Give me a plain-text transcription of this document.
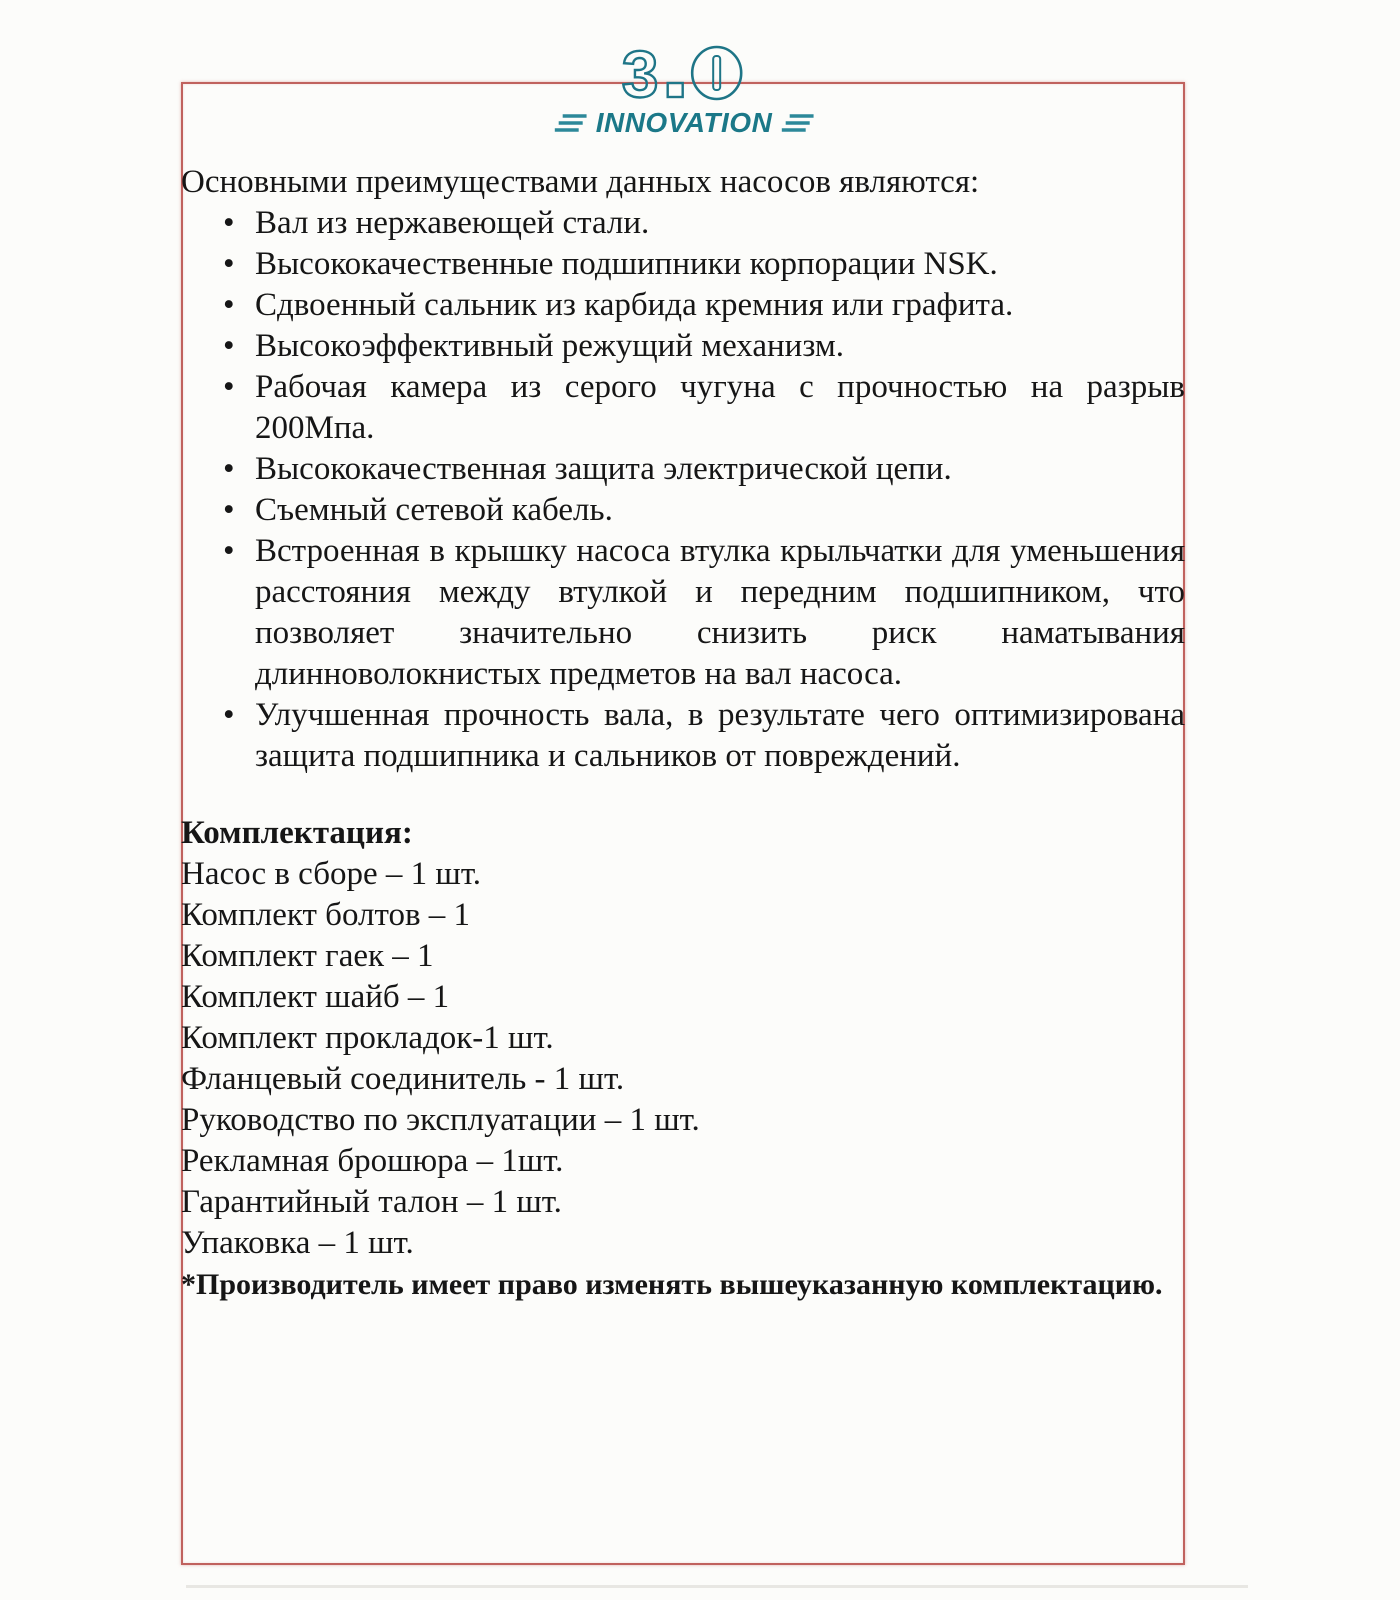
3
INNOVATION

Основными преимуществами данных насосов являются:

• Вал из нержавеющей стали.
• Высококачественные подшипники корпорации NSK.
• Сдвоенный сальник из карбида кремния или графита.
• Высокоэффективный режущий механизм.
• Рабочая камера из серого чугуна с прочностью на разрыв 200Мпа.
• Высококачественная защита электрической цепи.
• Съемный сетевой кабель.
• Встроенная в крышку насоса втулка крыльчатки для уменьшения расстояния между втулкой и передним подшипником, что позволяет значительно снизить риск наматывания длинноволокнистых предметов на вал насоса.
• Улучшенная прочность вала, в результате чего оптимизирована защита подшипника и сальников от повреждений.
Комплектация:
Насос в сборе – 1 шт.
Комплект болтов – 1
Комплект гаек – 1
Комплект шайб – 1
Комплект прокладок-1 шт.
Фланцевый соединитель - 1 шт.
Руководство по эксплуатации – 1 шт.
Рекламная брошюра – 1шт.
Гарантийный талон – 1 шт.
Упаковка – 1 шт.
*Производитель имеет право изменять вышеуказанную комплектацию.
